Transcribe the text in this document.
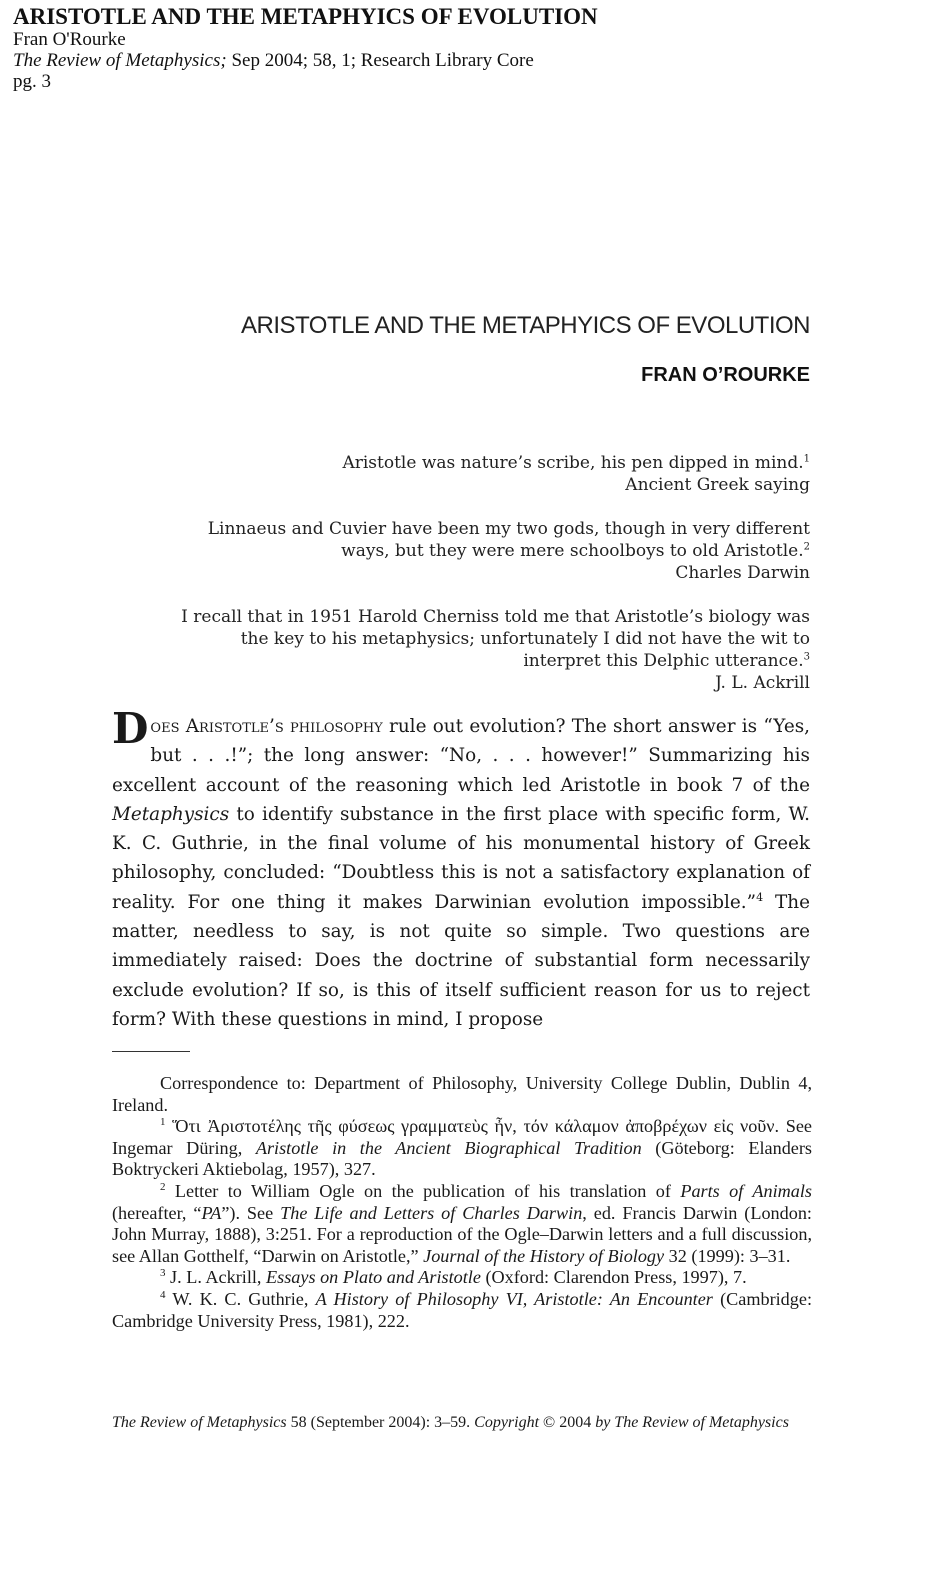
ARISTOTLE AND THE METAPHYICS OF EVOLUTION
Fran O'Rourke
The Review of Metaphysics; Sep 2004; 58, 1; Research Library Core
pg. 3
ARISTOTLE AND THE METAPHYICS OF EVOLUTION
FRAN O’ROURKE
Aristotle was nature’s scribe, his pen dipped in mind.$^1$
Ancient Greek saying
Linnaeus and Cuvier have been my two gods, though in very different
ways, but they were mere schoolboys to old Aristotle.$^2$
Charles Darwin
I recall that in 1951 Harold Cherniss told me that Aristotle’s biology was
the key to his metaphysics; unfortunately I did not have the wit to
interpret this Delphic utterance.$^3$
J. L. Ackrill
Does Aristotle’s philosophy rule out evolution? The short answer is “Yes, but . . .!”; the long answer: “No, . . . however!” Summarizing his excellent account of the reasoning which led Aristotle in book 7 of the Metaphysics to identify substance in the first place with specific form, W. K. C. Guthrie, in the final volume of his monumental history of Greek philosophy, concluded: “Doubtless this is not a satisfactory explanation of reality. For one thing it makes Darwinian evolution impossible.”$^4$ The matter, needless to say, is not quite so simple. Two questions are immediately raised: Does the doctrine of substantial form necessarily exclude evolution? If so, is this of itself sufficient reason for us to reject form? With these questions in mind, I propose

Correspondence to: Department of Philosophy, University College Dublin, Dublin 4, Ireland.

$^1$ Ὅτι Ἀριστοτέλης τῆς φύσεως γραμματεὺς ἦν, τόν κάλαμον ἀποβρέχων εἰς νοῦν. See Ingemar Düring, Aristotle in the Ancient Biographical Tradition (Göteborg: Elanders Boktryckeri Aktiebolag, 1957), 327.

$^2$ Letter to William Ogle on the publication of his translation of Parts of Animals (hereafter, “PA”). See The Life and Letters of Charles Darwin, ed. Francis Darwin (London: John Murray, 1888), 3:251. For a reproduction of the Ogle–Darwin letters and a full discussion, see Allan Gotthelf, “Darwin on Aristotle,” Journal of the History of Biology 32 (1999): 3–31.

$^3$ J. L. Ackrill, Essays on Plato and Aristotle (Oxford: Clarendon Press, 1997), 7.

$^4$ W. K. C. Guthrie, A History of Philosophy VI, Aristotle: An Encounter (Cambridge: Cambridge University Press, 1981), 222.

The Review of Metaphysics 58 (September 2004): 3–59. Copyright © 2004 by The Review of Metaphysics
